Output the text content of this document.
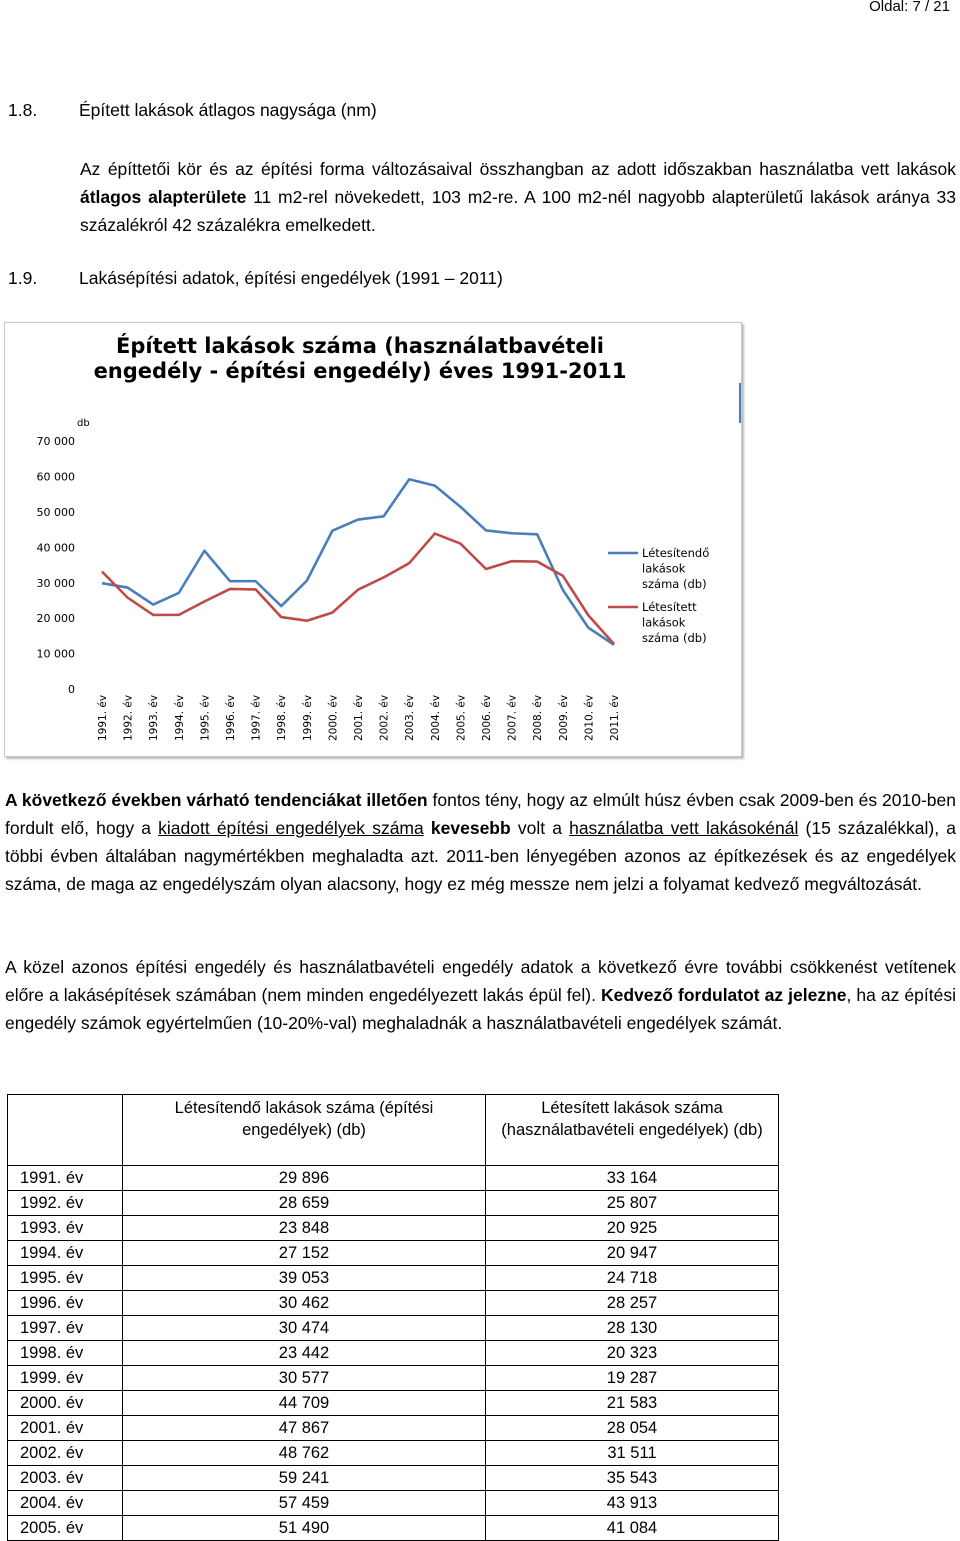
Oldal: 7 / 21
1.8. Épített lakások átlagos nagysága (nm)
Az építtetői kör és az építési forma változásaival összhangban az adott időszakban használatba vett lakások átlagos alapterülete 11 m2-rel növekedett, 103 m2-re. A 100 m2-nél nagyobb alapterületű lakások aránya 33 százalékról 42 százalékra emelkedett.
1.9. Lakásépítési adatok, építési engedélyek (1991 – 2011)
Épített lakások száma (használatbavételi
engedély - építési engedély) éves 1991-2011
db
0
10 000
20 000
30 000
40 000
50 000
60 000
70 000
1991. év 1992. év 1993. év 1994. év 1995. év 1996. év 1997. év 1998. év 1999. év 2000. év 2001. év 2002. év 2003. év 2004. év 2005. év 2006. év 2007. év 2008. év 2009. év 2010. év 2011. év
Létesítendő lakások száma (db)
Létesített lakások száma (db)
A következő években várható tendenciákat illetően fontos tény, hogy az elmúlt húsz évben csak 2009-ben és 2010-ben fordult elő, hogy a kiadott építési engedélyek száma kevesebb volt a használatba vett lakásokénál (15 százalékkal), a többi évben általában nagymértékben meghaladta azt. 2011-ben lényegében azonos az építkezések és az engedélyek száma, de maga az engedélyszám olyan alacsony, hogy ez még messze nem jelzi a folyamat kedvező megváltozását.
A közel azonos építési engedély és használatbavételi engedély adatok a következő évre további csökkenést vetítenek előre a lakásépítések számában (nem minden engedélyezett lakás épül fel). Kedvező fordulatot az jelezne, ha az építési engedély számok egyértelműen (10-20%-val) meghaladnák a használatbavételi engedélyek számát.
	Létesítendő lakások száma (építési engedélyek) (db)	Létesített lakások száma (használatbavételi engedélyek) (db)
1991. év	29 896	33 164
1992. év	28 659	25 807
1993. év	23 848	20 925
1994. év	27 152	20 947
1995. év	39 053	24 718
1996. év	30 462	28 257
1997. év	30 474	28 130
1998. év	23 442	20 323
1999. év	30 577	19 287
2000. év	44 709	21 583
2001. év	47 867	28 054
2002. év	48 762	31 511
2003. év	59 241	35 543
2004. év	57 459	43 913
2005. év	51 490	41 084
